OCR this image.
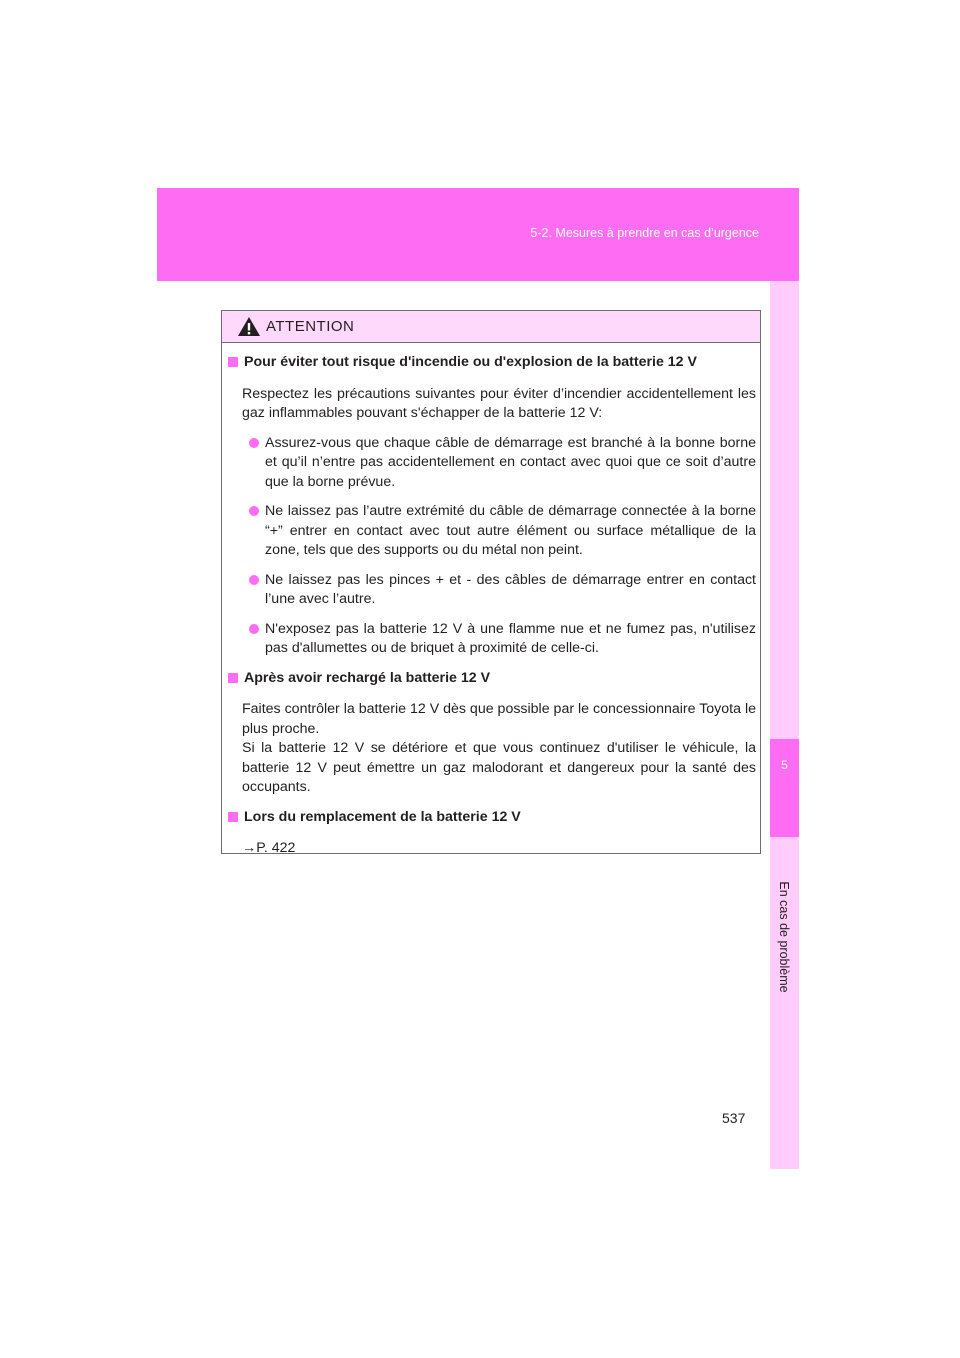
5-2. Mesures à prendre en cas d’urgence
5
En cas de problème
ATTENTION
Pour éviter tout risque d'incendie ou d'explosion de la batterie 12 V
Respectez les précautions suivantes pour éviter d’incendier accidentellement les gaz inflammables pouvant s'échapper de la batterie 12 V:
Assurez-vous que chaque câble de démarrage est branché à la bonne borne et qu’il n’entre pas accidentellement en contact avec quoi que ce soit d’autre que la borne prévue.
Ne laissez pas l’autre extrémité du câble de démarrage connectée à la borne “+” entrer en contact avec tout autre élément ou surface métallique de la zone, tels que des supports ou du métal non peint.
Ne laissez pas les pinces + et - des câbles de démarrage entrer en contact l’une avec l’autre.
N'exposez pas la batterie 12 V à une flamme nue et ne fumez pas, n'utilisez pas d'allumettes ou de briquet à proximité de celle-ci.
Après avoir rechargé la batterie 12 V
Faites contrôler la batterie 12 V dès que possible par le concessionnaire Toyota le plus proche.
Si la batterie 12 V se détériore et que vous continuez d'utiliser le véhicule, la batterie 12 V peut émettre un gaz malodorant et dangereux pour la santé des occupants.
Lors du remplacement de la batterie 12 V
→P. 422
537
